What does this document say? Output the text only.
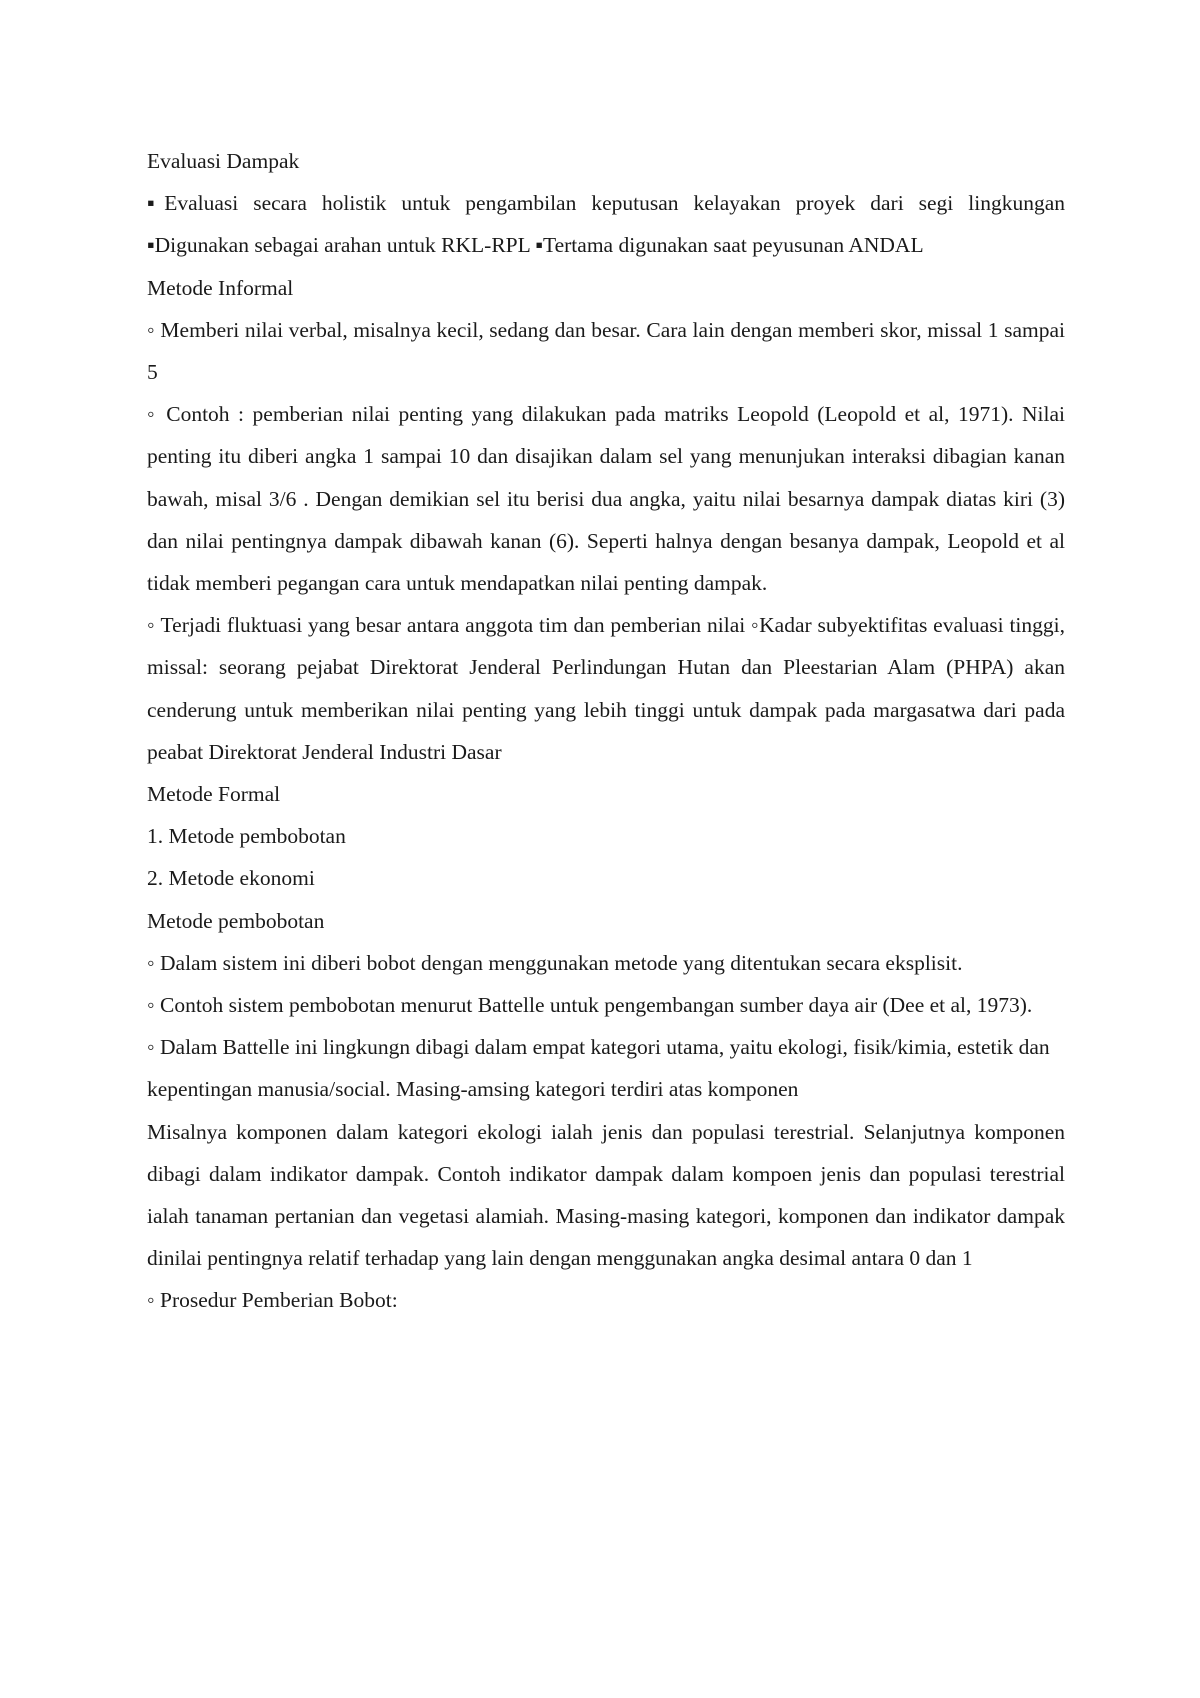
Evaluasi Dampak

▪Evaluasi secara holistik untuk pengambilan keputusan kelayakan proyek dari segi lingkungan ▪Digunakan sebagai arahan untuk RKL-RPL ▪Tertama digunakan saat peyusunan ANDAL

Metode Informal

◦ Memberi nilai verbal, misalnya kecil, sedang dan besar. Cara lain dengan memberi skor, missal 1 sampai 5

◦ Contoh : pemberian nilai penting yang dilakukan pada matriks Leopold (Leopold et al, 1971). Nilai penting itu diberi angka 1 sampai 10 dan disajikan dalam sel yang menunjukan interaksi dibagian kanan bawah, misal 3/6 . Dengan demikian sel itu berisi dua angka, yaitu nilai besarnya dampak diatas kiri (3) dan nilai pentingnya dampak dibawah kanan (6). Seperti halnya dengan besanya dampak, Leopold et al tidak memberi pegangan cara untuk mendapatkan nilai penting dampak.

◦ Terjadi fluktuasi yang besar antara anggota tim dan pemberian nilai ◦Kadar subyektifitas evaluasi tinggi, missal: seorang pejabat Direktorat Jenderal Perlindungan Hutan dan Pleestarian Alam (PHPA) akan cenderung untuk memberikan nilai penting yang lebih tinggi untuk dampak pada margasatwa dari pada peabat Direktorat Jenderal Industri Dasar

Metode Formal

1. Metode pembobotan

2. Metode ekonomi

Metode pembobotan

◦ Dalam sistem ini diberi bobot dengan menggunakan metode yang ditentukan secara eksplisit.

◦ Contoh sistem pembobotan menurut Battelle untuk pengembangan sumber daya air (Dee et al, 1973).

◦ Dalam Battelle ini lingkungn dibagi dalam empat kategori utama, yaitu ekologi, fisik/kimia, estetik dan kepentingan manusia/social. Masing-amsing kategori terdiri atas komponen

Misalnya komponen dalam kategori ekologi ialah jenis dan populasi terestrial. Selanjutnya komponen dibagi dalam indikator dampak. Contoh indikator dampak dalam kompoen jenis dan populasi terestrial ialah tanaman pertanian dan vegetasi alamiah. Masing-masing kategori, komponen dan indikator dampak dinilai pentingnya relatif terhadap yang lain dengan menggunakan angka desimal antara 0 dan 1

◦ Prosedur Pemberian Bobot:
